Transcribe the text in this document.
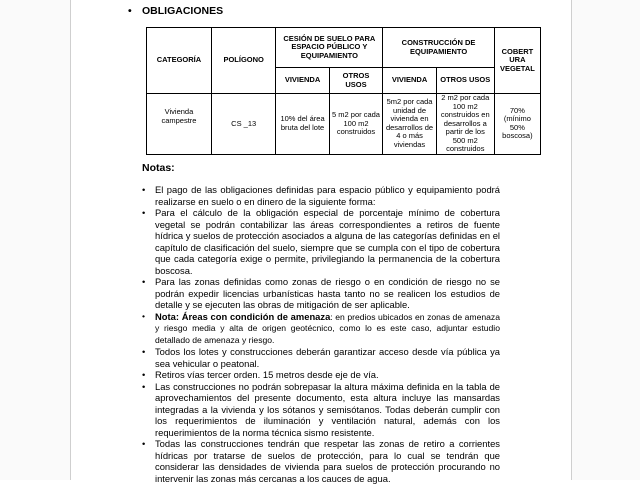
• OBLIGACIONES
CATEGORÍA	POLÍGONO	CESIÓN DE SUELO PARA ESPACIO PÚBLICO Y EQUIPAMIENTO		CONSTRUCCIÓN DE EQUIPAMIENTO		COBERT URA VEGETAL
		VIVIENDA	OTROS USOS	VIVIENDA	OTROS USOS	
Vivienda campestre	CS _13	10% del área bruta del lote	5 m2 por cada 100 m2 construidos	5m2 por cada unidad de vivienda en desarrollos de 4 o más viviendas	2 m2 por cada 100 m2 construidos en desarrollos a partir de los 500 m2 construidos	70% (mínimo 50% boscosa)
Notas:
• El pago de las obligaciones definidas para espacio público y equipamiento podrá realizarse en suelo o en dinero de la siguiente forma:
• Para el cálculo de la obligación especial de porcentaje mínimo de cobertura vegetal se podrán contabilizar las áreas correspondientes a retiros de fuente hídrica y suelos de protección asociados a alguna de las categorías definidas en el capítulo de clasificación del suelo, siempre que se cumpla con el tipo de cobertura que cada categoría exige o permite, privilegiando la permanencia de la cobertura boscosa.
• Para las zonas definidas como zonas de riesgo o en condición de riesgo no se podrán expedir licencias urbanísticas hasta tanto no se realicen los estudios de detalle y se ejecuten las obras de mitigación de ser aplicable.
• Nota: Áreas con condición de amenaza: en predios ubicados en zonas de amenaza y riesgo media y alta de origen geotécnico, como lo es este caso, adjuntar estudio detallado de amenaza y riesgo.
• Todos los lotes y construcciones deberán garantizar acceso desde vía pública ya sea vehicular o peatonal.
• Retiros vías tercer orden. 15 metros desde eje de vía.
• Las construcciones no podrán sobrepasar la altura máxima definida en la tabla de aprovechamientos del presente documento, esta altura incluye las mansardas integradas a la vivienda y los sótanos y semisótanos. Todas deberán cumplir con los requerimientos de iluminación y ventilación natural, además con los requerimientos de la norma técnica sismo resistente.
• Todas las construcciones tendrán que respetar las zonas de retiro a corrientes hídricas por tratarse de suelos de protección, para lo cual se tendrán que considerar las densidades de vivienda para suelos de protección procurando no intervenir las zonas más cercanas a los cauces de agua.
